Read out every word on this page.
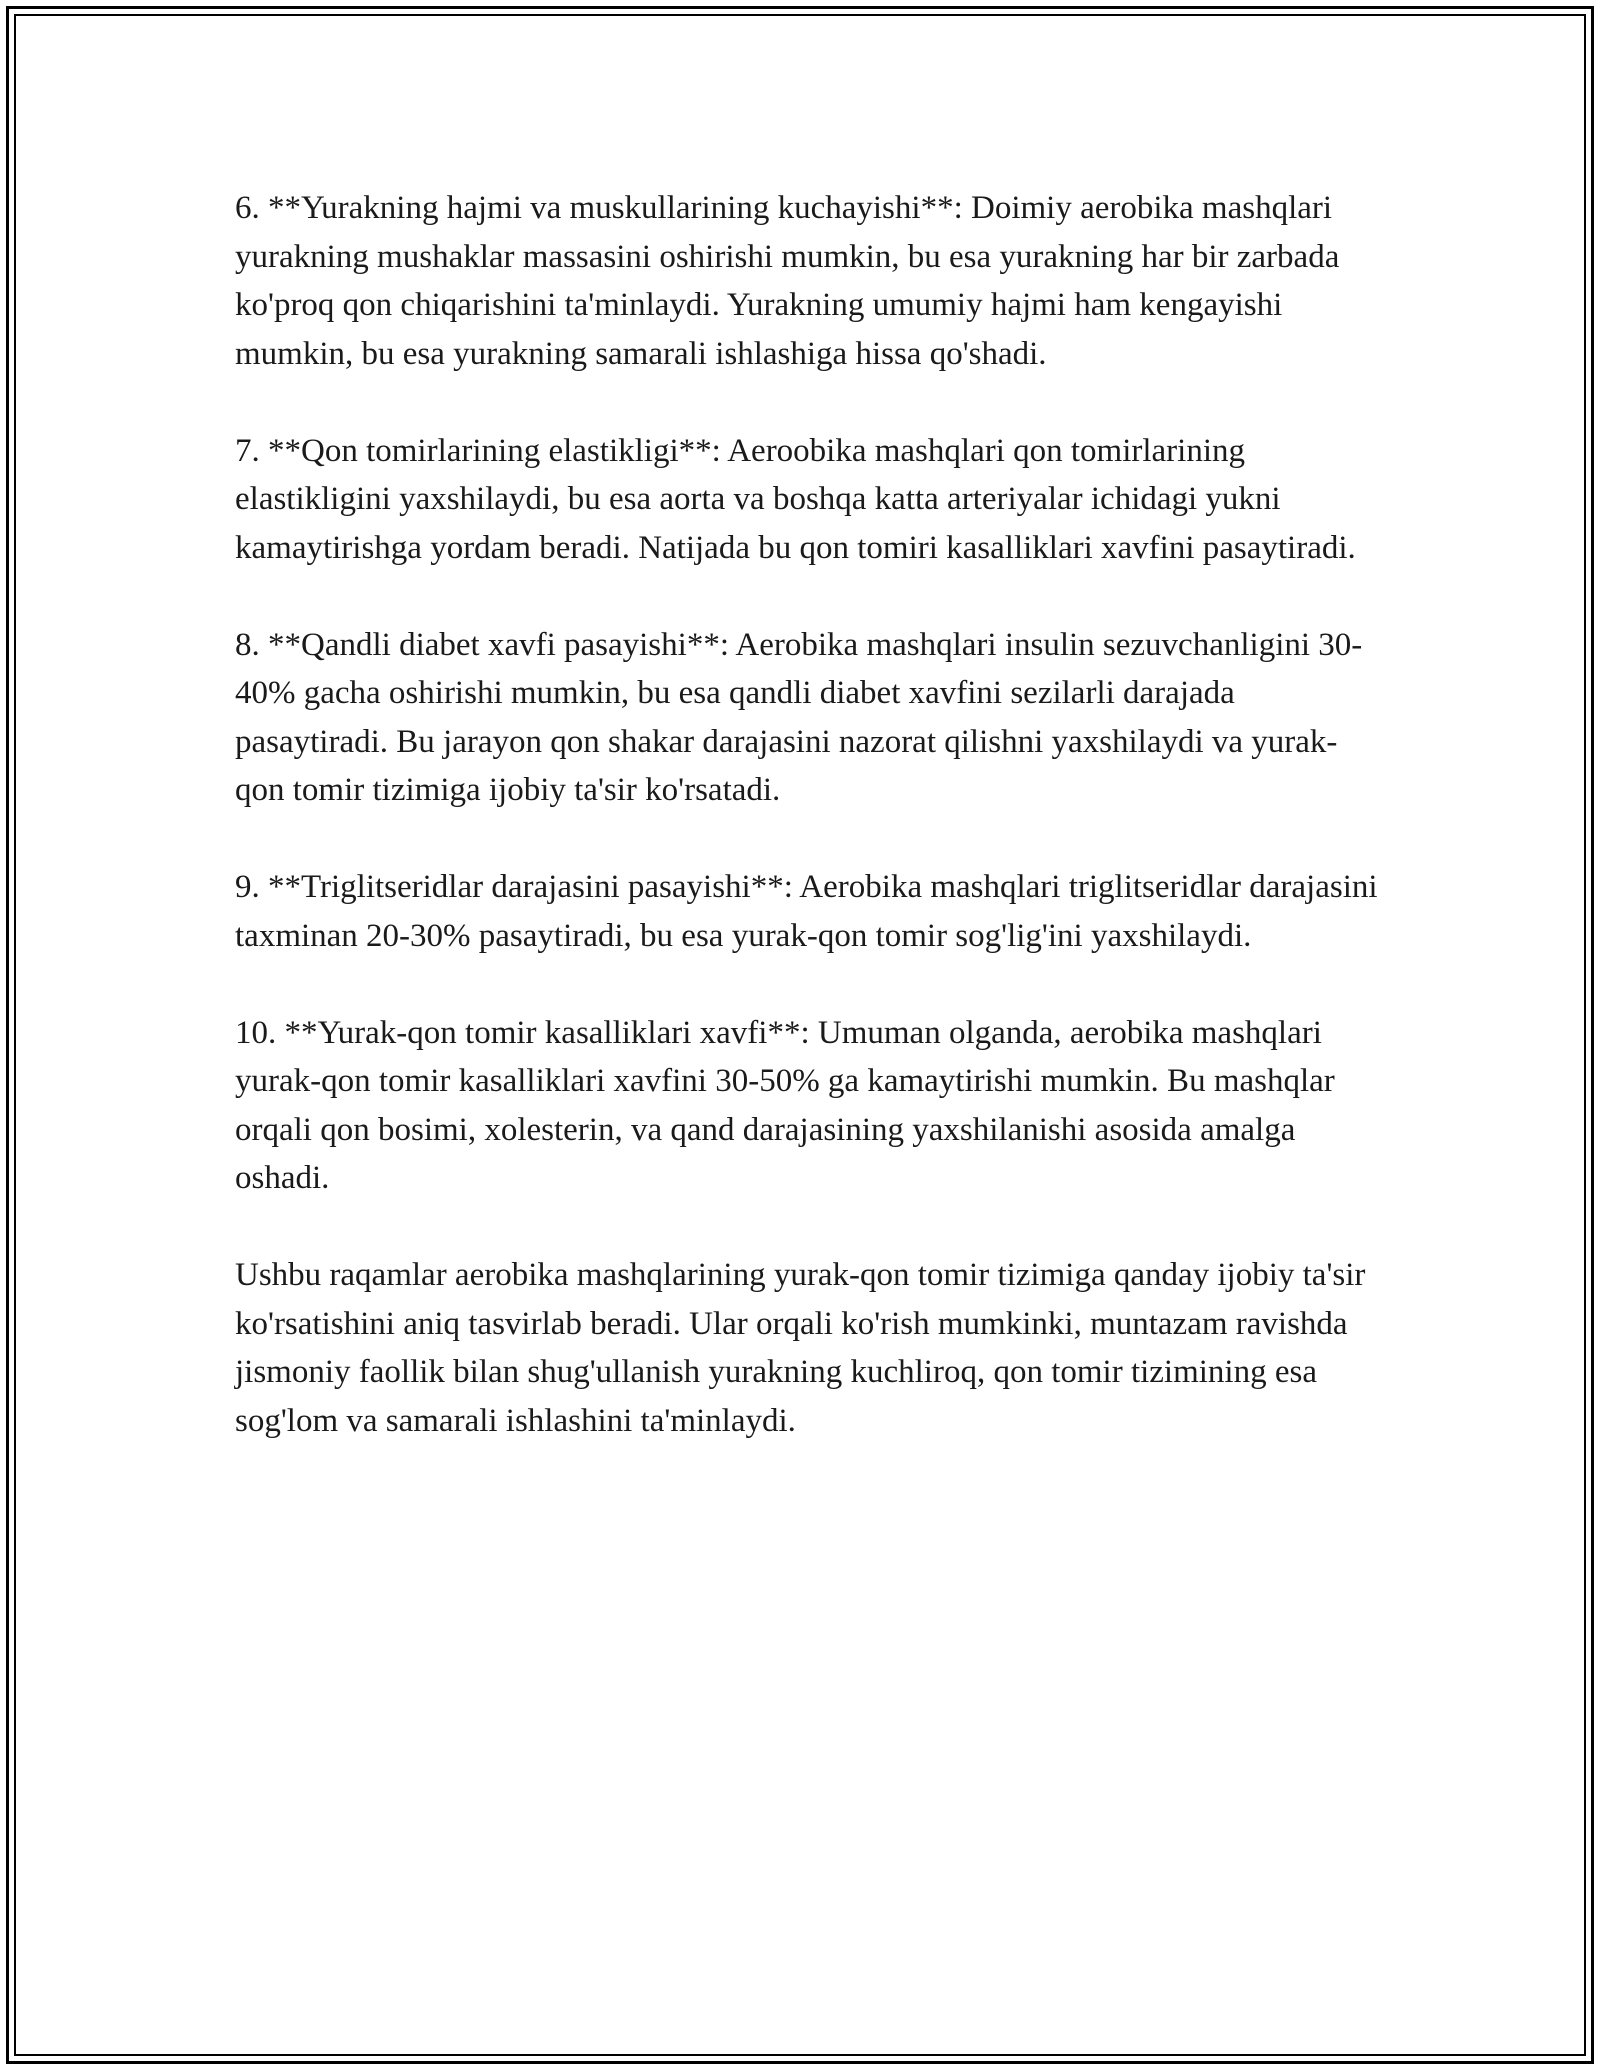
6. **Yurakning hajmi va muskullarining kuchayishi**: Doimiy aerobika mashqlari yurakning mushaklar massasini oshirishi mumkin, bu esa yurakning har bir zarbada ko'proq qon chiqarishini ta'minlaydi. Yurakning umumiy hajmi ham kengayishi mumkin, bu esa yurakning samarali ishlashiga hissa qo'shadi.

7. **Qon tomirlarining elastikligi**: Aeroobika mashqlari qon tomirlarining elastikligini yaxshilaydi, bu esa aorta va boshqa katta arteriyalar ichidagi yukni kamaytirishga yordam beradi. Natijada bu qon tomiri kasalliklari xavfini pasaytiradi.

8. **Qandli diabet xavfi pasayishi**: Aerobika mashqlari insulin sezuvchanligini 30-40% gacha oshirishi mumkin, bu esa qandli diabet xavfini sezilarli darajada pasaytiradi. Bu jarayon qon shakar darajasini nazorat qilishni yaxshilaydi va yurak-qon tomir tizimiga ijobiy ta'sir ko'rsatadi.

9. **Triglitseridlar darajasini pasayishi**: Aerobika mashqlari triglitseridlar darajasini taxminan 20-30% pasaytiradi, bu esa yurak-qon tomir sog'lig'ini yaxshilaydi.

10. **Yurak-qon tomir kasalliklari xavfi**: Umuman olganda, aerobika mashqlari yurak-qon tomir kasalliklari xavfini 30-50% ga kamaytirishi mumkin. Bu mashqlar orqali qon bosimi, xolesterin, va qand darajasining yaxshilanishi asosida amalga oshadi.

Ushbu raqamlar aerobika mashqlarining yurak-qon tomir tizimiga qanday ijobiy ta'sir ko'rsatishini aniq tasvirlab beradi. Ular orqali ko'rish mumkinki, muntazam ravishda jismoniy faollik bilan shug'ullanish yurakning kuchliroq, qon tomir tizimining esa sog'lom va samarali ishlashini ta'minlaydi.
